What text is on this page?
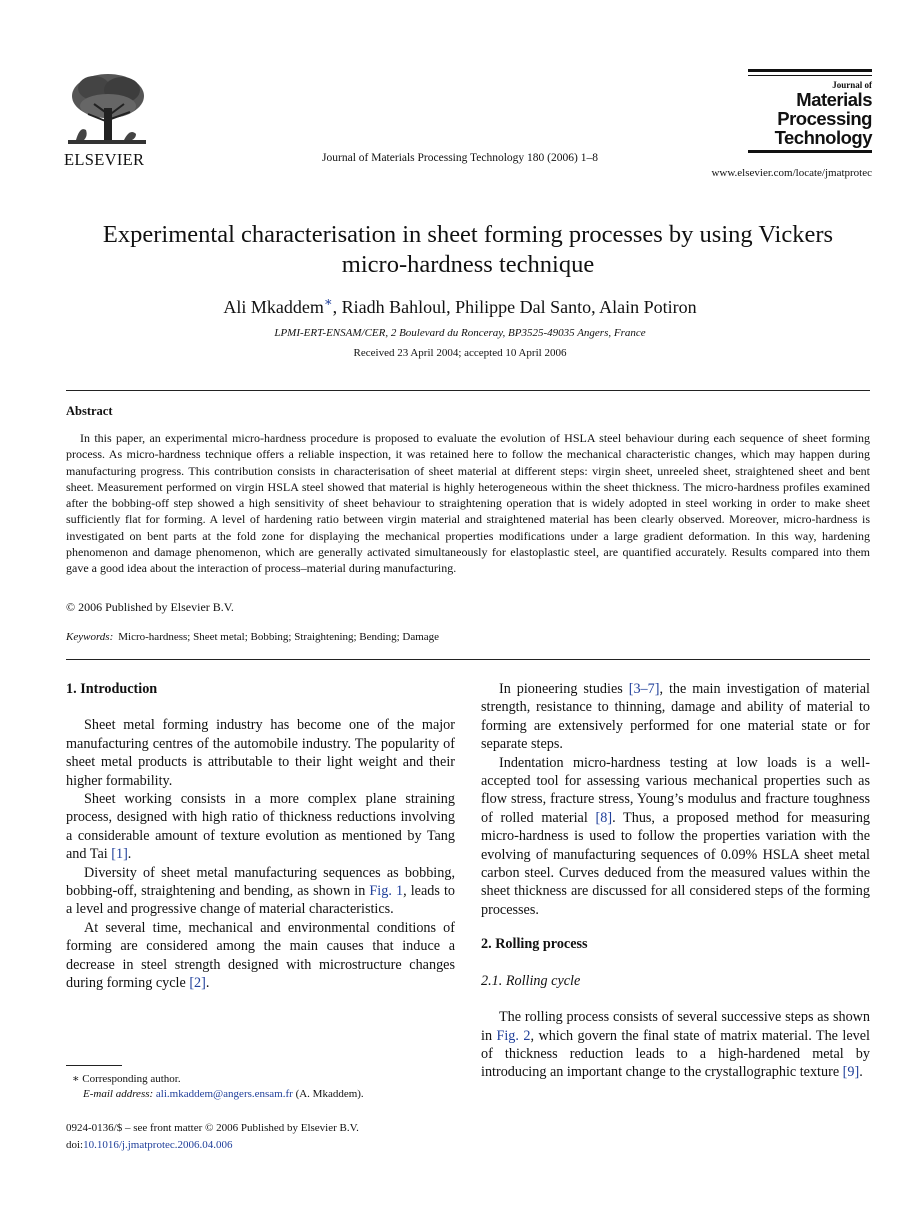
ELSEVIER	Journal of Materials Processing Technology 180 (2006) 1–8
Journal of
Materials
Processing
Technology
www.elsevier.com/locate/jmatprotec
Experimental characterisation in sheet forming processes by using Vickers micro-hardness technique
Ali Mkaddem∗, Riadh Bahloul, Philippe Dal Santo, Alain Potiron
LPMI-ERT-ENSAM/CER, 2 Boulevard du Ronceray, BP3525-49035 Angers, France
Received 23 April 2004; accepted 10 April 2006
Abstract
In this paper, an experimental micro-hardness procedure is proposed to evaluate the evolution of HSLA steel behaviour during each sequence of sheet forming process. As micro-hardness technique offers a reliable inspection, it was retained here to follow the mechanical characteristic changes, which may happen during manufacturing progress. This contribution consists in characterisation of sheet material at different steps: virgin sheet, unreeled sheet, straightened sheet and bent sheet. Measurement performed on virgin HSLA steel showed that material is highly heterogeneous within the sheet thickness. The micro-hardness profiles examined after the bobbing-off step showed a high sensitivity of sheet behaviour to straightening operation that is widely adopted in steel working in order to make sheet sufficiently flat for forming. A level of hardening ratio between virgin material and straightened material has been clearly observed. Moreover, micro-hardness is investigated on bent parts at the fold zone for displaying the mechanical properties modifications under a large gradient deformation. In this way, hardening phenomenon and damage phenomenon, which are generally activated simultaneously for elastoplastic steel, are quantified accurately. Results compared into them gave a good idea about the interaction of process–material during manufacturing.
© 2006 Published by Elsevier B.V.
Keywords: Micro-hardness; Sheet metal; Bobbing; Straightening; Bending; Damage
1. Introduction

Sheet metal forming industry has become one of the major manufacturing centres of the automobile industry. The popularity of sheet metal products is attributable to their light weight and their higher formability.

Sheet working consists in a more complex plane straining process, designed with high ratio of thickness reductions involving a considerable amount of texture evolution as mentioned by Tang and Tai [1].

Diversity of sheet metal manufacturing sequences as bobbing, bobbing-off, straightening and bending, as shown in Fig. 1, leads to a level and progressive change of material characteristics.

At several time, mechanical and environmental conditions of forming are considered among the main causes that induce a decrease in steel strength designed with microstructure changes during forming cycle [2].

In pioneering studies [3–7], the main investigation of material strength, resistance to thinning, damage and ability of material to forming are extensively performed for one material state or for separate steps.

Indentation micro-hardness testing at low loads is a well-accepted tool for assessing various mechanical properties such as flow stress, fracture stress, Young’s modulus and fracture toughness of rolled material [8]. Thus, a proposed method for measuring micro-hardness is used to follow the properties variation with the evolving of manufacturing sequences of 0.09% HSLA sheet metal carbon steel. Curves deduced from the measured values within the sheet thickness are discussed for all considered steps of the forming processes.

2. Rolling process
2.1. Rolling cycle

The rolling process consists of several successive steps as shown in Fig. 2, which govern the final state of matrix material. The level of thickness reduction leads to a high-hardened metal by introducing an important change to the crystallographic texture [9].

∗ Corresponding author.
E-mail address: ali.mkaddem@angers.ensam.fr (A. Mkaddem).
0924-0136/$ – see front matter © 2006 Published by Elsevier B.V.
doi:10.1016/j.jmatprotec.2006.04.006
